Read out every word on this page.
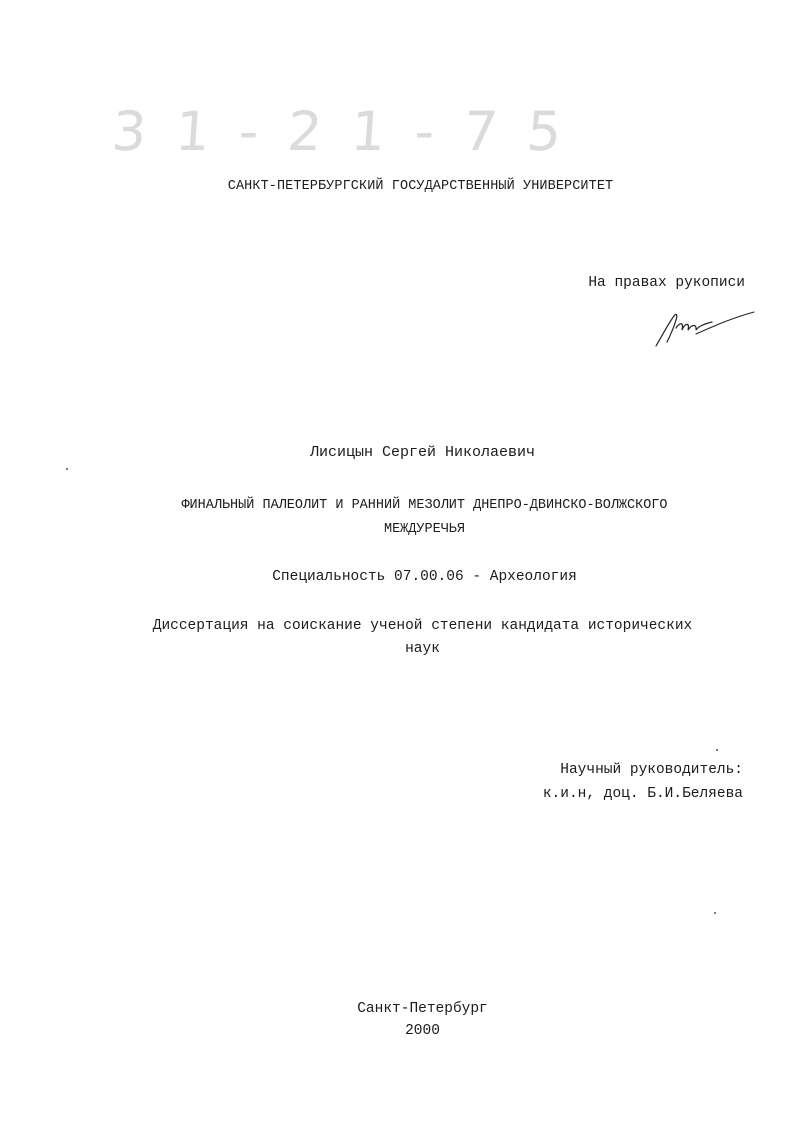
3 1 - 2 1 - 7 5
САНКТ-ПЕТЕРБУРГСКИЙ ГОСУДАРСТВЕННЫЙ УНИВЕРСИТЕТ
На правах рукописи
Лисицын Сергей Николаевич
ФИНАЛЬНЫЙ ПАЛЕОЛИТ И РАННИЙ МЕЗОЛИТ ДНЕПРО-ДВИНСКО-ВОЛЖСКОГО
МЕЖДУРЕЧЬЯ
Специальность 07.00.06 - Археология
Диссертация на соискание ученой степени кандидата исторических
наук
Научный руководитель:
к.и.н, доц. Б.И.Беляева
Санкт-Петербург
2000
